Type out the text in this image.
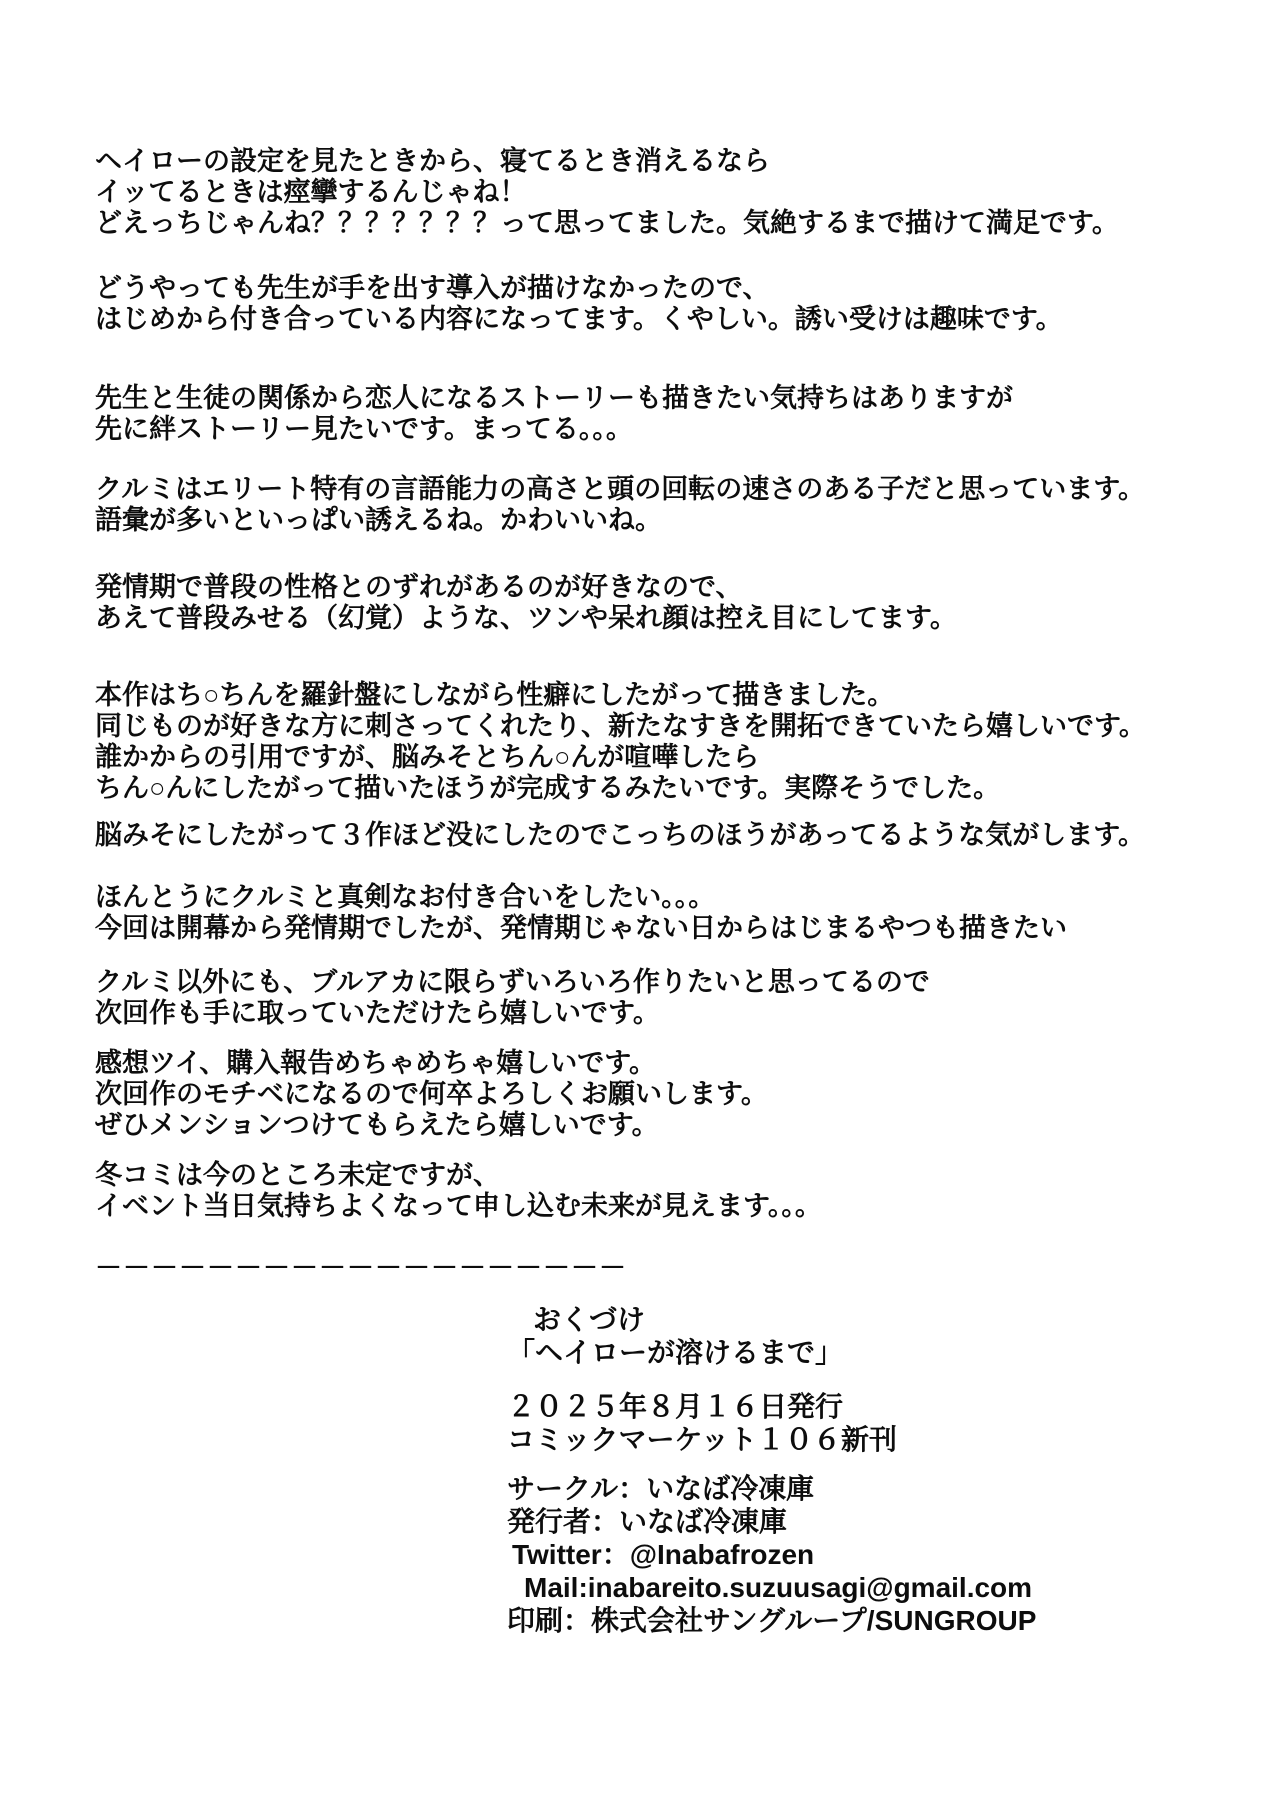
ヘイローの設定を見たときから、寝てるとき消えるなら
イッてるときは痙攣するんじゃね！
どえっちじゃんね？？？？？？？って思ってました。気絶するまで描けて満足です。
どうやっても先生が手を出す導入が描けなかったので、
はじめから付き合っている内容になってます。くやしい。誘い受けは趣味です。
先生と生徒の関係から恋人になるストーリーも描きたい気持ちはありますが
先に絆ストーリー見たいです。まってる。。。
クルミはエリート特有の言語能力の高さと頭の回転の速さのある子だと思っています。
語彙が多いといっぱい誘えるね。かわいいね。
発情期で普段の性格とのずれがあるのが好きなので、
あえて普段みせる（幻覚）ような、ツンや呆れ顔は控え目にしてます。
本作はち○ちんを羅針盤にしながら性癖にしたがって描きました。
同じものが好きな方に刺さってくれたり、新たなすきを開拓できていたら嬉しいです。
誰かからの引用ですが、脳みそとちん○んが喧嘩したら
ちん○んにしたがって描いたほうが完成するみたいです。実際そうでした。
脳みそにしたがって３作ほど没にしたのでこっちのほうがあってるような気がします。
ほんとうにクルミと真剣なお付き合いをしたい。。。
今回は開幕から発情期でしたが、発情期じゃない日からはじまるやつも描きたい
クルミ以外にも、ブルアカに限らずいろいろ作りたいと思ってるので
次回作も手に取っていただけたら嬉しいです。
感想ツイ、購入報告めちゃめちゃ嬉しいです。
次回作のモチベになるので何卒よろしくお願いします。
ぜひメンションつけてもらえたら嬉しいです。
冬コミは今のところ未定ですが、
イベント当日気持ちよくなって申し込む未来が見えます。。。
－－－－－－－－－－－－－－－－－－－
おくづけ
「ヘイローが溶けるまで」
２０２５年８月１６日発行
コミックマーケット１０６新刊
サークル：いなば冷凍庫
発行者：いなば冷凍庫
Twitter：@Inabafrozen
Mail:inabareito.suzuusagi@gmail.com
印刷：株式会社サングループ/SUNGROUP
